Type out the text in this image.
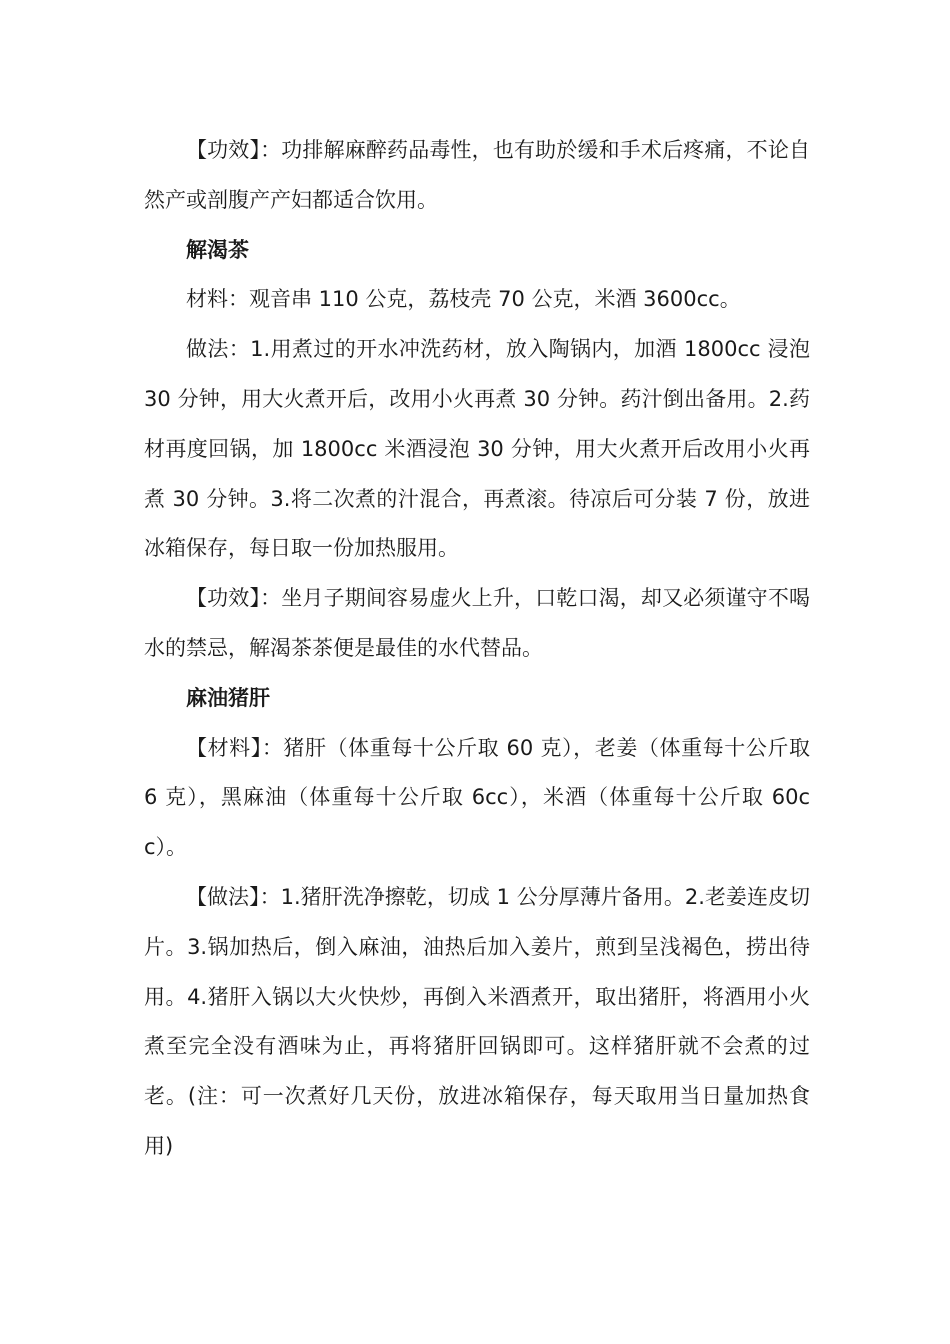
【功效】：功排解麻醉药品毒性，也有助於缓和手术后疼痛，不论自然产或剖腹产产妇都适合饮用。

解渴茶

材料：观音串 110 公克，荔枝壳 70 公克，米酒 3600cc。

做法：1.用煮过的开水冲洗药材，放入陶锅内，加酒 1800cc 浸泡 30 分钟，用大火煮开后，改用小火再煮 30 分钟。药汁倒出备用。2.药材再度回锅，加 1800cc 米酒浸泡 30 分钟，用大火煮开后改用小火再煮 30 分钟。3.将二次煮的汁混合，再煮滚。待凉后可分装 7 份，放进冰箱保存，每日取一份加热服用。

【功效】：坐月子期间容易虚火上升，口乾口渴，却又必须谨守不喝水的禁忌，解渴茶茶便是最佳的水代替品。

麻油猪肝

【材料】：猪肝（体重每十公斤取 60 克），老姜（体重每十公斤取 6 克），黑麻油（体重每十公斤取 6cc），米酒（体重每十公斤取 60cc）。

【做法】：1.猪肝洗净擦乾，切成 1 公分厚薄片备用。2.老姜连皮切片。3.锅加热后，倒入麻油，油热后加入姜片，煎到呈浅褐色，捞出待用。4.猪肝入锅以大火快炒，再倒入米酒煮开，取出猪肝，将酒用小火煮至完全没有酒味为止，再将猪肝回锅即可。这样猪肝就不会煮的过老。(注：可一次煮好几天份，放进冰箱保存，每天取用当日量加热食用)
